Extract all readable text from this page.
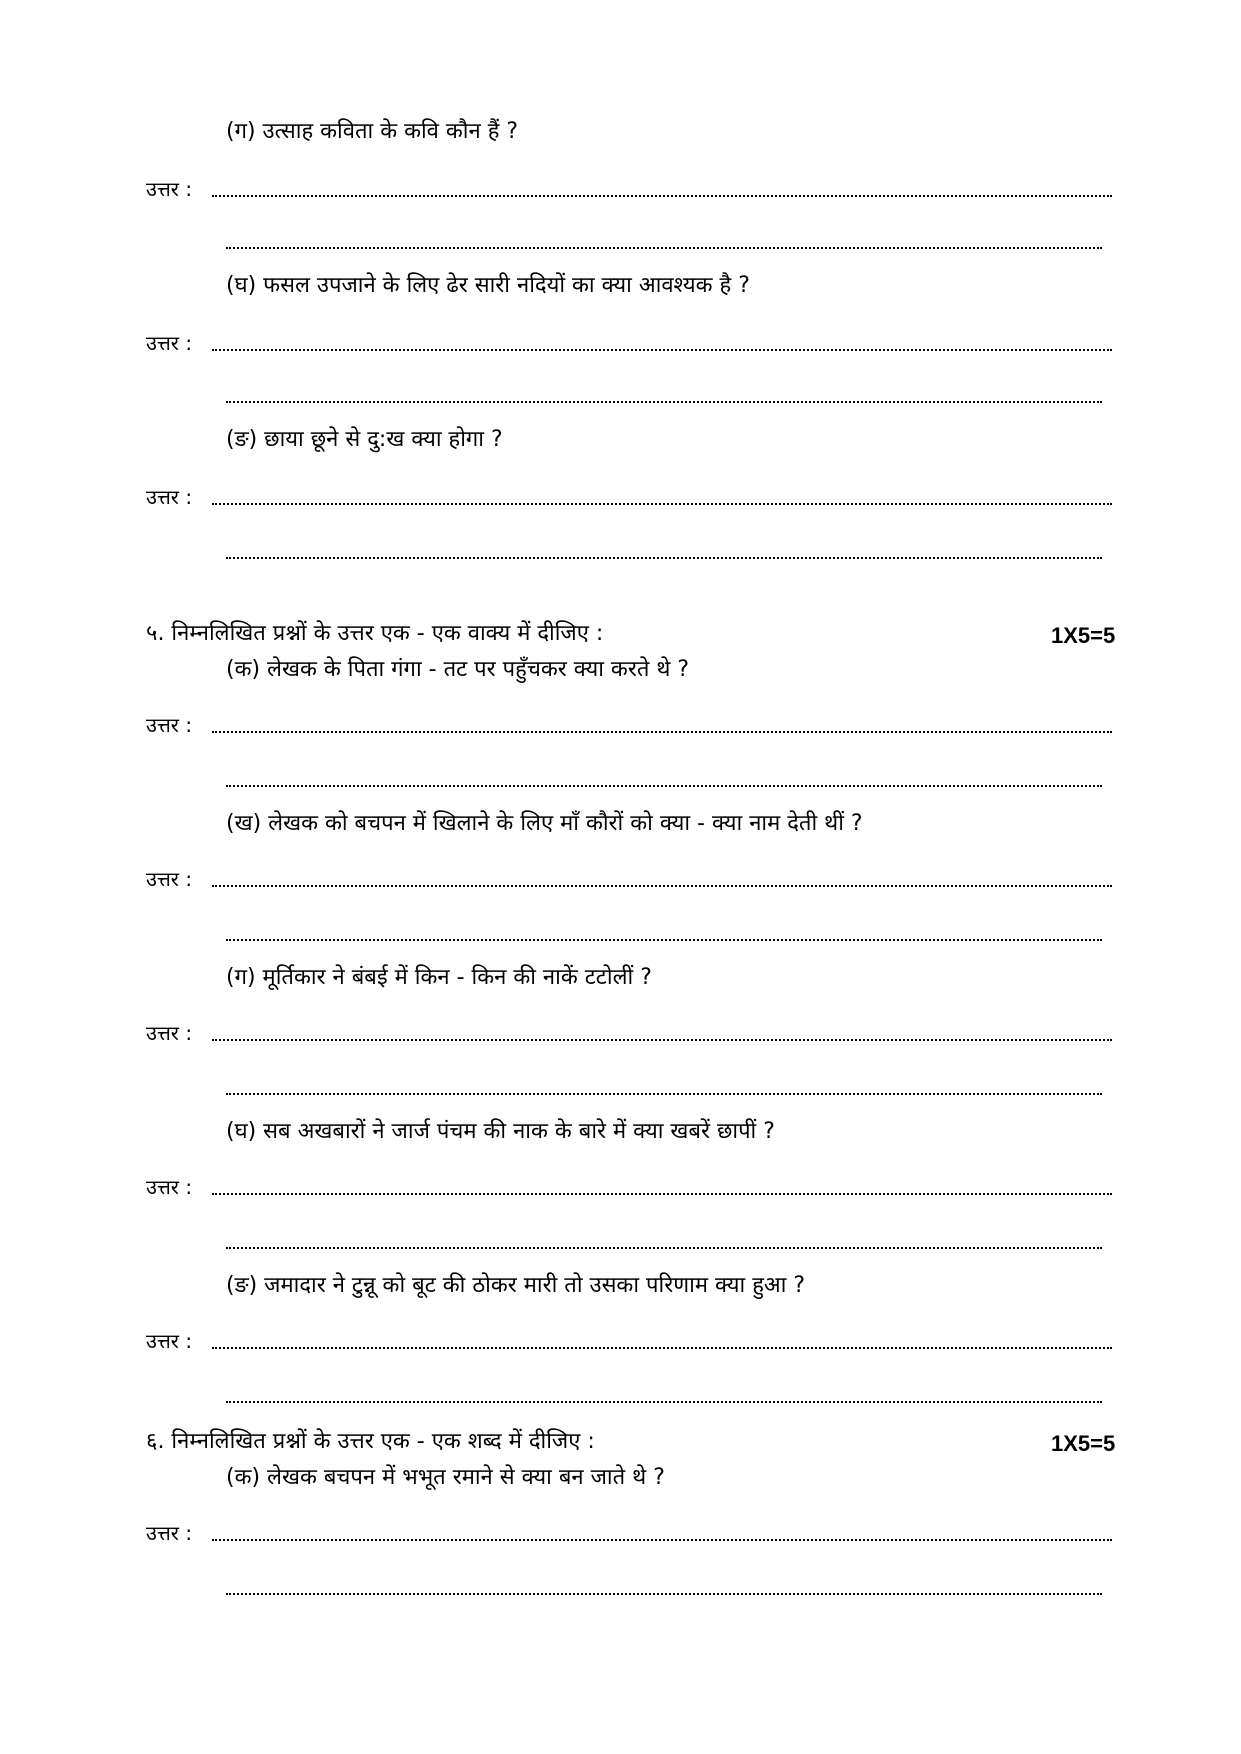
(ग) उत्साह कविता के कवि कौन हैं ?
उत्तर :
(घ) फसल उपजाने के लिए ढेर सारी नदियों का क्या आवश्यक है ?
उत्तर :
(ङ) छाया छूने से दु:ख क्या होगा ?
उत्तर :
५. निम्नलिखित प्रश्नों के उत्तर एक - एक वाक्य में दीजिए :	1X5=5
(क) लेखक के पिता गंगा - तट पर पहुँचकर क्या करते थे ?
उत्तर :
(ख) लेखक को बचपन में खिलाने के लिए माँ कौरों को क्या - क्या नाम देती थीं ?
उत्तर :
(ग) मूर्तिकार ने बंबई में किन - किन की नाकें टटोलीं ?
उत्तर :
(घ) सब अखबारों ने जार्ज पंचम की नाक के बारे में क्या खबरें छापीं ?
उत्तर :
(ङ) जमादार ने टुन्नू को बूट की ठोकर मारी तो उसका परिणाम क्या हुआ ?
उत्तर :
६. निम्नलिखित प्रश्नों के उत्तर एक - एक शब्द में दीजिए :	1X5=5
(क) लेखक बचपन में भभूत रमाने से क्या बन जाते थे ?
उत्तर :
